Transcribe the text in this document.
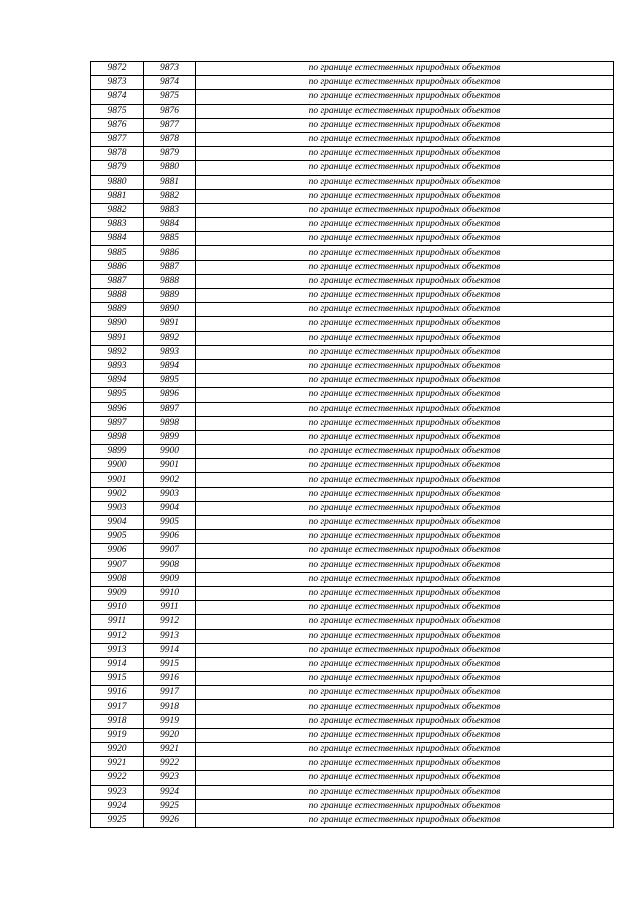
9872	9873	по границе естественных природных объектов
9873	9874	по границе естественных природных объектов
9874	9875	по границе естественных природных объектов
9875	9876	по границе естественных природных объектов
9876	9877	по границе естественных природных объектов
9877	9878	по границе естественных природных объектов
9878	9879	по границе естественных природных объектов
9879	9880	по границе естественных природных объектов
9880	9881	по границе естественных природных объектов
9881	9882	по границе естественных природных объектов
9882	9883	по границе естественных природных объектов
9883	9884	по границе естественных природных объектов
9884	9885	по границе естественных природных объектов
9885	9886	по границе естественных природных объектов
9886	9887	по границе естественных природных объектов
9887	9888	по границе естественных природных объектов
9888	9889	по границе естественных природных объектов
9889	9890	по границе естественных природных объектов
9890	9891	по границе естественных природных объектов
9891	9892	по границе естественных природных объектов
9892	9893	по границе естественных природных объектов
9893	9894	по границе естественных природных объектов
9894	9895	по границе естественных природных объектов
9895	9896	по границе естественных природных объектов
9896	9897	по границе естественных природных объектов
9897	9898	по границе естественных природных объектов
9898	9899	по границе естественных природных объектов
9899	9900	по границе естественных природных объектов
9900	9901	по границе естественных природных объектов
9901	9902	по границе естественных природных объектов
9902	9903	по границе естественных природных объектов
9903	9904	по границе естественных природных объектов
9904	9905	по границе естественных природных объектов
9905	9906	по границе естественных природных объектов
9906	9907	по границе естественных природных объектов
9907	9908	по границе естественных природных объектов
9908	9909	по границе естественных природных объектов
9909	9910	по границе естественных природных объектов
9910	9911	по границе естественных природных объектов
9911	9912	по границе естественных природных объектов
9912	9913	по границе естественных природных объектов
9913	9914	по границе естественных природных объектов
9914	9915	по границе естественных природных объектов
9915	9916	по границе естественных природных объектов
9916	9917	по границе естественных природных объектов
9917	9918	по границе естественных природных объектов
9918	9919	по границе естественных природных объектов
9919	9920	по границе естественных природных объектов
9920	9921	по границе естественных природных объектов
9921	9922	по границе естественных природных объектов
9922	9923	по границе естественных природных объектов
9923	9924	по границе естественных природных объектов
9924	9925	по границе естественных природных объектов
9925	9926	по границе естественных природных объектов
